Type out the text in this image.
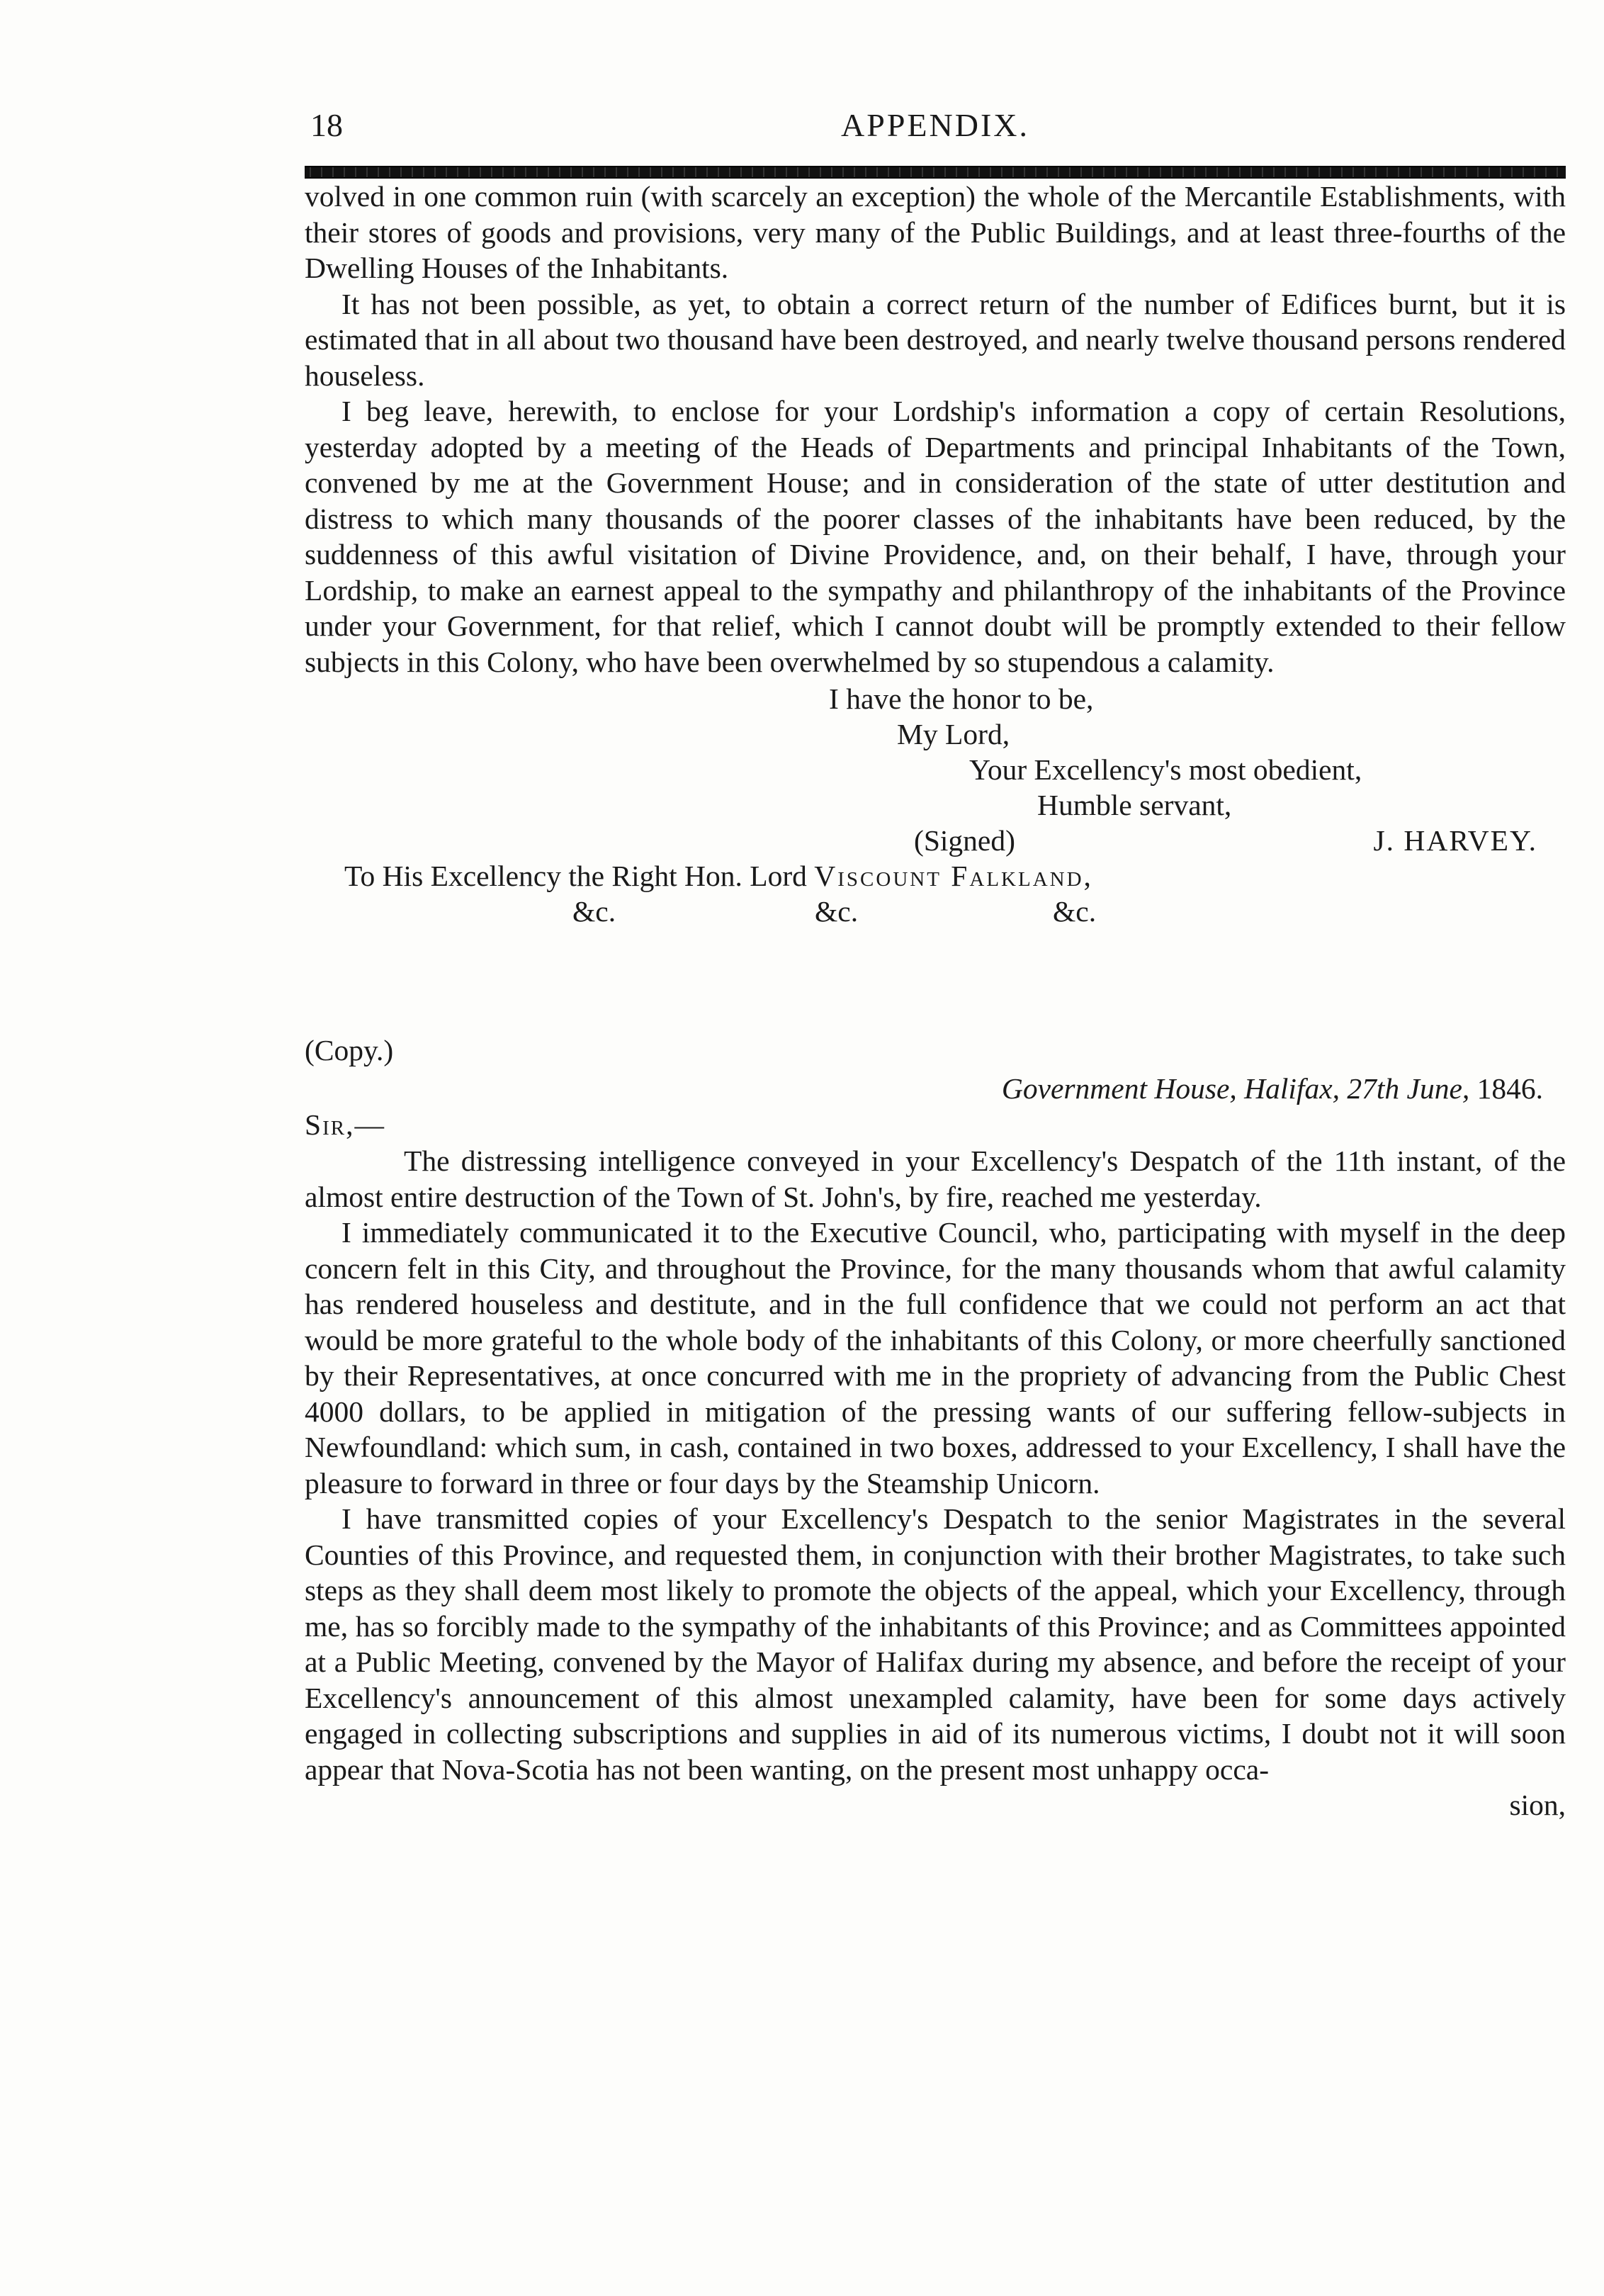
18	APPENDIX.

volved in one common ruin (with scarcely an exception) the whole of the Mercantile Establishments, with their stores of goods and provisions, very many of the Public Buildings, and at least three-fourths of the Dwelling Houses of the Inhabitants.

It has not been possible, as yet, to obtain a correct return of the number of Edifices burnt, but it is estimated that in all about two thousand have been destroyed, and nearly twelve thousand persons rendered houseless.

I beg leave, herewith, to enclose for your Lordship's information a copy of certain Resolutions, yesterday adopted by a meeting of the Heads of Departments and principal Inhabitants of the Town, convened by me at the Government House; and in consideration of the state of utter destitution and distress to which many thousands of the poorer classes of the inhabitants have been reduced, by the suddenness of this awful visitation of Divine Providence, and, on their behalf, I have, through your Lordship, to make an earnest appeal to the sympathy and philanthropy of the inhabitants of the Province under your Government, for that relief, which I cannot doubt will be promptly extended to their fellow subjects in this Colony, who have been overwhelmed by so stupendous a calamity.

I have the honor to be,
My Lord,
Your Excellency's most obedient,
Humble servant,
(Signed)	J. HARVEY.
To His Excellency the Right Hon. Lord Viscount Falkland,
&c.	&c.	&c.
(Copy.)
Government House, Halifax, 27th June, 1846.
Sir,—

The distressing intelligence conveyed in your Excellency's Despatch of the 11th instant, of the almost entire destruction of the Town of St. John's, by fire, reached me yesterday.

I immediately communicated it to the Executive Council, who, participating with myself in the deep concern felt in this City, and throughout the Province, for the many thousands whom that awful calamity has rendered houseless and destitute, and in the full confidence that we could not perform an act that would be more grateful to the whole body of the inhabitants of this Colony, or more cheerfully sanctioned by their Representatives, at once concurred with me in the propriety of advancing from the Public Chest 4000 dollars, to be applied in mitigation of the pressing wants of our suffering fellow-subjects in Newfoundland: which sum, in cash, contained in two boxes, addressed to your Excellency, I shall have the pleasure to forward in three or four days by the Steamship Unicorn.

I have transmitted copies of your Excellency's Despatch to the senior Magistrates in the several Counties of this Province, and requested them, in conjunction with their brother Magistrates, to take such steps as they shall deem most likely to promote the objects of the appeal, which your Excellency, through me, has so forcibly made to the sympathy of the inhabitants of this Province; and as Committees appointed at a Public Meeting, convened by the Mayor of Halifax during my absence, and before the receipt of your Excellency's announcement of this almost unexampled calamity, have been for some days actively engaged in collecting subscriptions and supplies in aid of its numerous victims, I doubt not it will soon appear that Nova-Scotia has not been wanting, on the present most unhappy occa-

sion,
